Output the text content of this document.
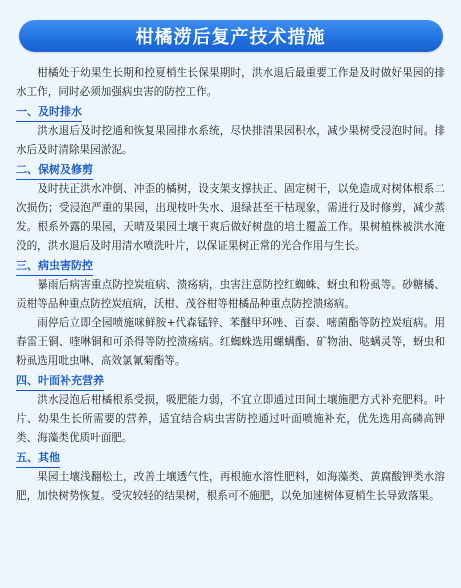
柑橘涝后复产技术措施

柑橘处于幼果生长期和控夏梢生长保果期时，洪水退后最重要工作是及时做好果园的排水工作，同时必须加强病虫害的防控工作。

一、及时排水

洪水退后及时挖通和恢复果园排水系统，尽快排清果园积水，减少果树受浸泡时间。排水后及时清除果园淤泥。

二、保树及修剪

及时扶正洪水冲倒、冲歪的橘树，设支架支撑扶正、固定树干，以免造成对树体根系二次损伤；受浸泡严重的果园，出现枝叶失水、退绿甚至干枯现象，需进行及时修剪，减少蒸发。根系外露的果园，天晴及果园土壤干爽后做好树盘的培土覆盖工作。果树植株被洪水淹没的，洪水退后及时用清水喷洗叶片，以保证果树正常的光合作用与生长。

三、病虫害防控

暴雨后病害重点防控炭疽病、溃疡病，虫害注意防控红蜘蛛、蚜虫和粉虱等。砂糖橘、贡柑等品种重点防控炭疽病，沃柑、茂谷柑等柑橘品种重点防控溃疡病。

雨停后立即全园喷施咪鲜胺+代森锰锌、苯醚甲环唑、百泰、嘧菌酯等防控炭疽病。用春雷王铜、喹啉铜和可杀得等防控溃疡病。红蜘蛛选用螺螨酯、矿物油、哒螨灵等，蚜虫和粉虱选用吡虫啉、高效氯氰菊酯等。

四、叶面补充营养

洪水浸泡后柑橘根系受损，吸肥能力弱，不宜立即通过田间土壤施肥方式补充肥料。叶片、幼果生长所需要的营养，适宜结合病虫害防控通过叶面喷施补充，优先选用高磷高钾类、海藻类优质叶面肥。

五、其他

果园土壤浅翻松土，改善土壤透气性，再根施水溶性肥料，如海藻类、黄腐酸钾类水溶肥，加快树势恢复。受灾较轻的结果树，根系可不施肥，以免加速树体夏梢生长导致落果。
